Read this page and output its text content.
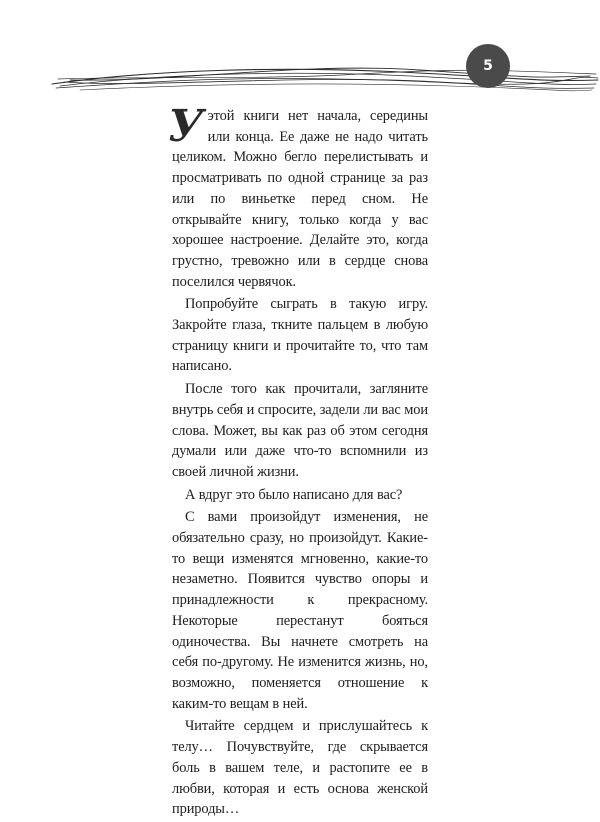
5

Уэтой книги нет начала, середины или конца. Ее даже не надо читать целиком. Можно бегло перелистывать и просматривать по одной странице за раз или по виньетке перед сном. Не открывайте книгу, только когда у вас хорошее настроение. Делайте это, когда грустно, тревожно или в сердце снова поселился червячок.

Попробуйте сыграть в такую игру. Закройте глаза, ткните пальцем в любую страницу книги и прочитайте то, что там написано.

После того как прочитали, загляните внутрь себя и спросите, задели ли вас мои слова. Может, вы как раз об этом сегодня думали или даже что-то вспомнили из своей личной жизни.

А вдруг это было написано для вас?

С вами произойдут изменения, не обязательно сразу, но произойдут. Какие-то вещи изменятся мгновенно, какие-то незаметно. Появится чувство опоры и принадлежности к прекрасному. Некоторые перестанут бояться одиночества. Вы начнете смотреть на себя по-другому. Не изменится жизнь, но, возможно, поменяется отношение к каким-то вещам в ней.

Читайте сердцем и прислушайтесь к телу… Почувствуйте, где скрывается боль в вашем теле, и растопите ее в любви, которая и есть основа женской природы…
